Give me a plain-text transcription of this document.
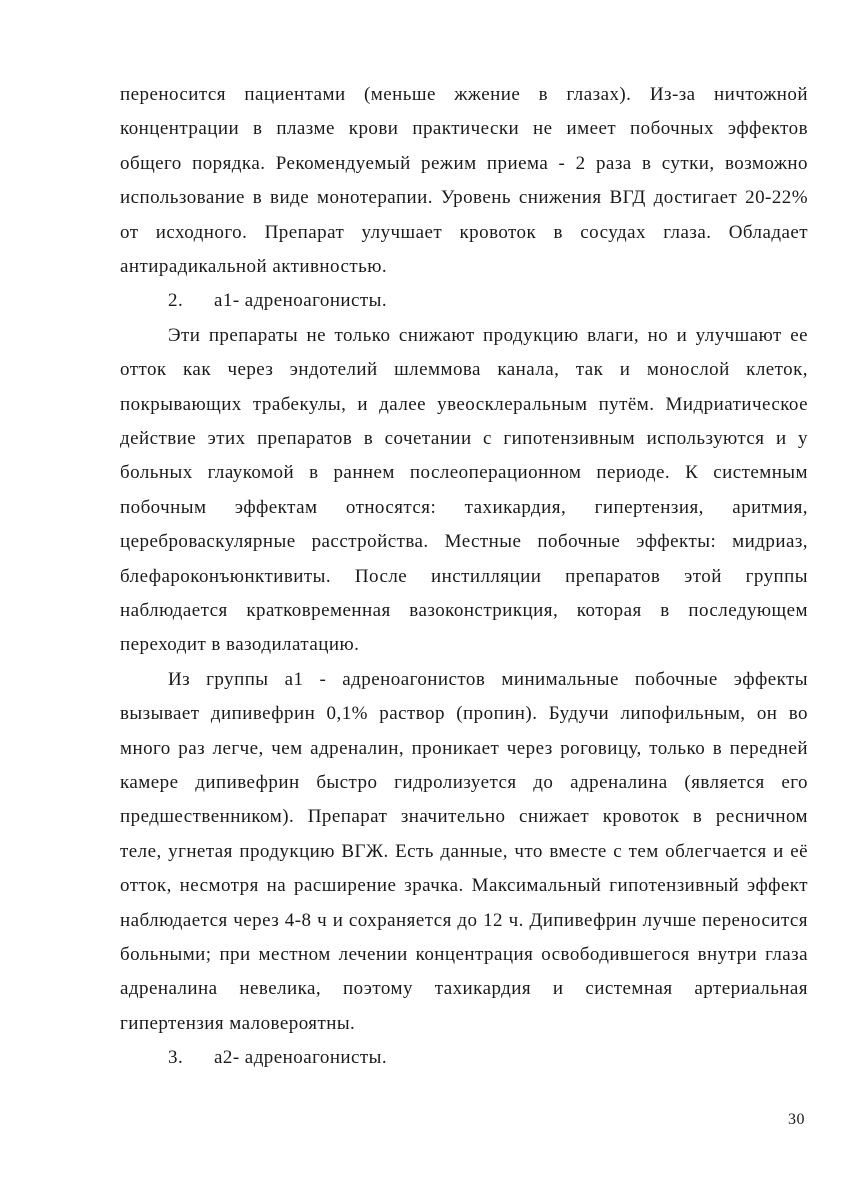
30
переносится пациентами (меньше жжение в глазах). Из-за ничтожной
концентрации в плазме крови практически не имеет побочных эффектов
общего порядка. Рекомендуемый режим приема - 2 раза в сутки, возможно
использование в виде монотерапии. Уровень снижения ВГД достигает 20-22%
от исходного. Препарат улучшает кровоток в сосудах глаза. Обладает
антирадикальной активностью.
2. а1- адреноагонисты.
Эти препараты не только снижают продукцию влаги, но и улучшают ее
отток как через эндотелий шлеммова канала, так и монослой клеток,
покрывающих трабекулы, и далее увеосклеральным путём. Мидриатическое
действие этих препаратов в сочетании с гипотензивным используются и у
больных глаукомой в раннем послеоперационном периоде. К системным
побочным эффектам относятся: тахикардия, гипертензия, аритмия,
цереброваскулярные расстройства. Местные побочные эффекты: мидриаз,
блефароконъюнктивиты. После инстилляции препаратов этой группы
наблюдается кратковременная вазоконстрикция, которая в последующем
переходит в вазодилатацию.
Из группы а1 - адреноагонистов минимальные побочные эффекты
вызывает дипивефрин 0,1% раствор (пропин). Будучи липофильным, он во
много раз легче, чем адреналин, проникает через роговицу, только в передней
камере дипивефрин быстро гидролизуется до адреналина (является его
предшественником). Препарат значительно снижает кровоток в ресничном
теле, угнетая продукцию ВГЖ. Есть данные, что вместе с тем облегчается и её
отток, несмотря на расширение зрачка. Максимальный гипотензивный эффект
наблюдается через 4-8 ч и сохраняется до 12 ч. Дипивефрин лучше переносится
больными; при местном лечении концентрация освободившегося внутри глаза
адреналина невелика, поэтому тахикардия и системная артериальная
гипертензия маловероятны.
3. а2- адреноагонисты.
